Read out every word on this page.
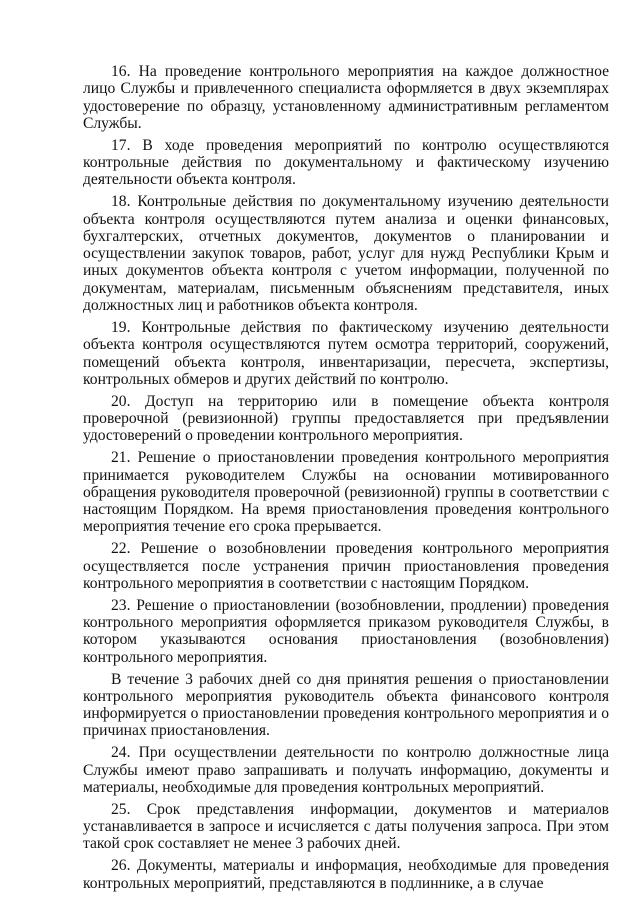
16. На проведение контрольного мероприятия на каждое должностное лицо Службы и привлеченного специалиста оформляется в двух экземплярах удостоверение по образцу, установленному административным регламентом Службы.

17. В ходе проведения мероприятий по контролю осуществляются контрольные действия по документальному и фактическому изучению деятельности объекта контроля.

18. Контрольные действия по документальному изучению деятельности объекта контроля осуществляются путем анализа и оценки финансовых, бухгалтерских, отчетных документов, документов о планировании и осуществлении закупок товаров, работ, услуг для нужд Республики Крым и иных документов объекта контроля с учетом информации, полученной по документам, материалам, письменным объяснениям представителя, иных должностных лиц и работников объекта контроля.

19. Контрольные действия по фактическому изучению деятельности объекта контроля осуществляются путем осмотра территорий, сооружений, помещений объекта контроля, инвентаризации, пересчета, экспертизы, контрольных обмеров и других действий по контролю.

20. Доступ на территорию или в помещение объекта контроля проверочной (ревизионной) группы предоставляется при предъявлении удостоверений о проведении контрольного мероприятия.

21. Решение о приостановлении проведения контрольного мероприятия принимается руководителем Службы на основании мотивированного обращения руководителя проверочной (ревизионной) группы в соответствии с настоящим Порядком. На время приостановления проведения контрольного мероприятия течение его срока прерывается.

22. Решение о возобновлении проведения контрольного мероприятия осуществляется после устранения причин приостановления проведения контрольного мероприятия в соответствии с настоящим Порядком.

23. Решение о приостановлении (возобновлении, продлении) проведения контрольного мероприятия оформляется приказом руководителя Службы, в котором указываются основания приостановления (возобновления) контрольного мероприятия.

В течение 3 рабочих дней со дня принятия решения о приостановлении контрольного мероприятия руководитель объекта финансового контроля информируется о приостановлении проведения контрольного мероприятия и о причинах приостановления.

24. При осуществлении деятельности по контролю должностные лица Службы имеют право запрашивать и получать информацию, документы и материалы, необходимые для проведения контрольных мероприятий.

25. Срок представления информации, документов и материалов устанавливается в запросе и исчисляется с даты получения запроса. При этом такой срок составляет не менее 3 рабочих дней.

26. Документы, материалы и информация, необходимые для проведения контрольных мероприятий, представляются в подлиннике, а в случае
